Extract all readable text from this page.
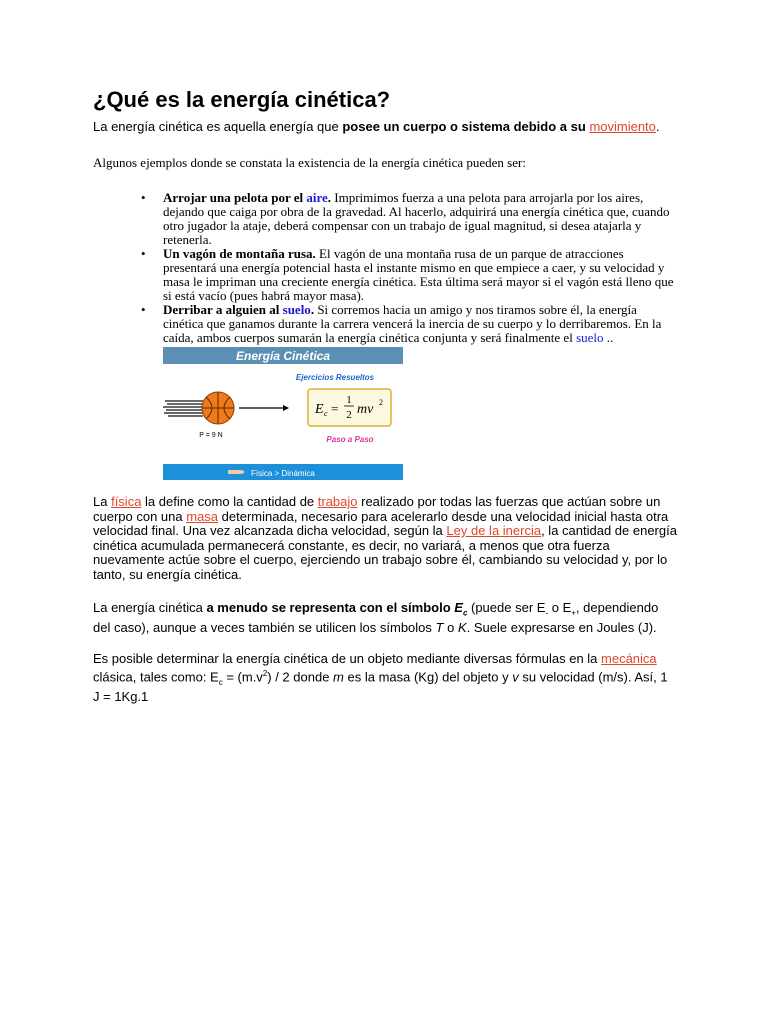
¿Qué es la energía cinética?

La energía cinética es aquella energía que posee un cuerpo o sistema debido a su movimiento.

Algunos ejemplos donde se constata la existencia de la energía cinética pueden ser:

• Arrojar una pelota por el aire. Imprimimos fuerza a una pelota para arrojarla por los aires, dejando que caiga por obra de la gravedad. Al hacerlo, adquirirá una energía cinética que, cuando otro jugador la ataje, deberá compensar con un trabajo de igual magnitud, si desea atajarla y retenerla.
• Un vagón de montaña rusa. El vagón de una montaña rusa de un parque de atracciones presentará una energía potencial hasta el instante mismo en que empiece a caer, y su velocidad y masa le impriman una creciente energía cinética. Esta última será mayor si el vagón está lleno que si está vacío (pues habrá mayor masa).
• Derribar a alguien al suelo. Si corremos hacia un amigo y nos tiramos sobre él, la energía cinética que ganamos durante la carrera vencerá la inercia de su cuerpo y lo derribaremos. En la caída, ambos cuerpos sumarán la energía cinética conjunta y será finalmente el suelo ..
Energía Cinética
Ejercicios Resueltos
P = 9 N
E c =
1
2 mv 2
Paso a Paso
Física > Dinámica

La física la define como la cantidad de trabajo realizado por todas las fuerzas que actúan sobre un cuerpo con una masa determinada, necesario para acelerarlo desde una velocidad inicial hasta otra velocidad final. Una vez alcanzada dicha velocidad, según la Ley de la inercia, la cantidad de energía cinética acumulada permanecerá constante, es decir, no variará, a menos que otra fuerza nuevamente actúe sobre el cuerpo, ejerciendo un trabajo sobre él, cambiando su velocidad y, por lo tanto, su energía cinética.

La energía cinética a menudo se representa con el símbolo $E_c$ (puede ser $E_-$ o $E_+$, dependiendo del caso), aunque a veces también se utilicen los símbolos T o K. Suele expresarse en Joules (J).

Es posible determinar la energía cinética de un objeto mediante diversas fórmulas en la mecánica clásica, tales como: $E_c = (m.v^2) / 2$ donde m es la masa (Kg) del objeto y v su velocidad (m/s). Así, 1 J = 1Kg.1
